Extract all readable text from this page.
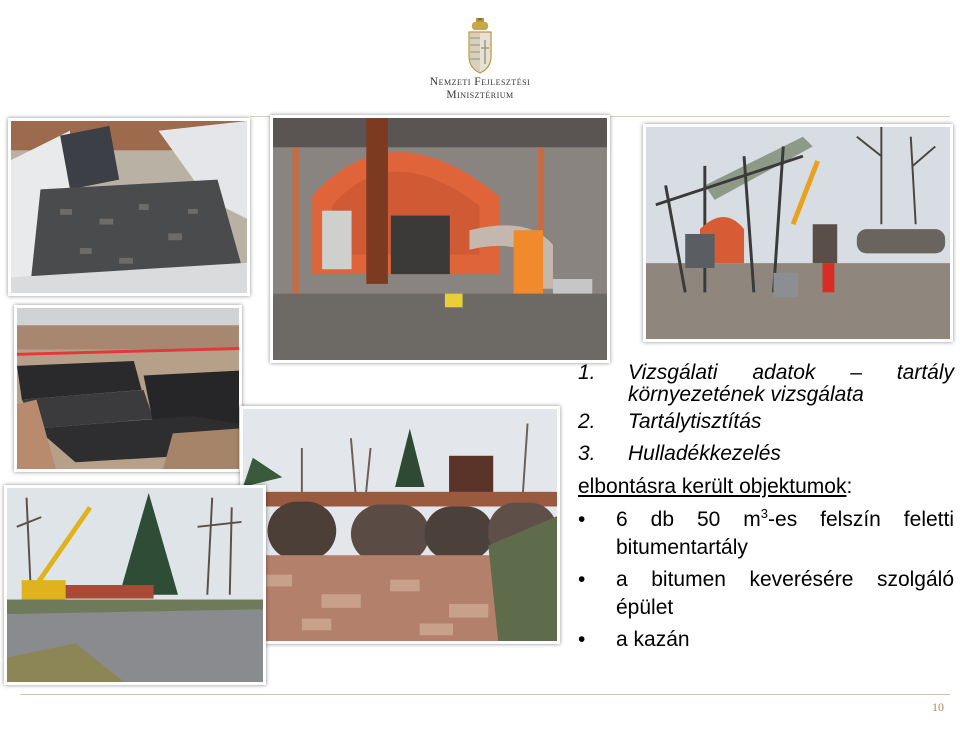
Nemzeti Fejlesztési
Minisztérium
1. Vizsgálati adatok – tartály
környezetének vizsgálata
2. Tartálytisztítás
3. Hulladékkezelés
elbontásra került objektumok:
• 6 db 50 $m^3-es$ felszín feletti
bitumentartály
• a bitumen keverésére szolgáló
épület
• a kazán
10
